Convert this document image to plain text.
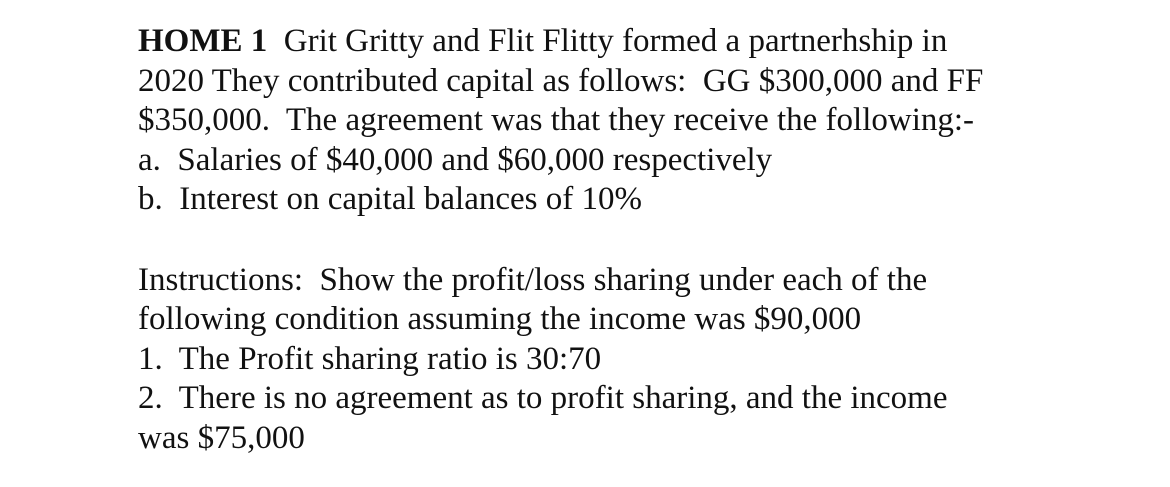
HOME 1  Grit Gritty and Flit Flitty formed a partnerhship in
2020 They contributed capital as follows:  GG $300,000 and FF
$350,000.  The agreement was that they receive the following:-
a.  Salaries of $40,000 and $60,000 respectively
b.  Interest on capital balances of 10%
Instructions:  Show the profit/loss sharing under each of the
following condition assuming the income was $90,000
1.  The Profit sharing ratio is 30:70
2.  There is no agreement as to profit sharing, and the income
was $75,000
